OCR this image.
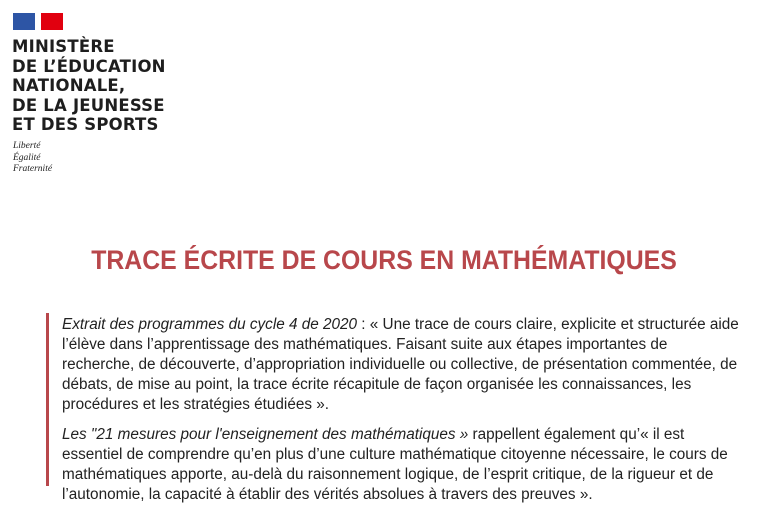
MINISTÈRE
DE L’ÉDUCATION
NATIONALE,
DE LA JEUNESSE
ET DES SPORTS
Liberté
Égalité
Fraternité
TRACE ÉCRITE DE COURS EN MATHÉMATIQUES
Extrait des programmes du cycle 4 de 2020 : « Une trace de cours claire, explicite et structurée aide
l’élève dans l’apprentissage des mathématiques. Faisant suite aux étapes importantes de
recherche, de découverte, d’appropriation individuelle ou collective, de présentation commentée, de
débats, de mise au point, la trace écrite récapitule de façon organisée les connaissances, les
procédures et les stratégies étudiées ».
Les "21 mesures pour l'enseignement des mathématiques » rappellent également qu’« il est
essentiel de comprendre qu’en plus d’une culture mathématique citoyenne nécessaire, le cours de
mathématiques apporte, au-delà du raisonnement logique, de l’esprit critique, de la rigueur et de
l’autonomie, la capacité à établir des vérités absolues à travers des preuves ».
